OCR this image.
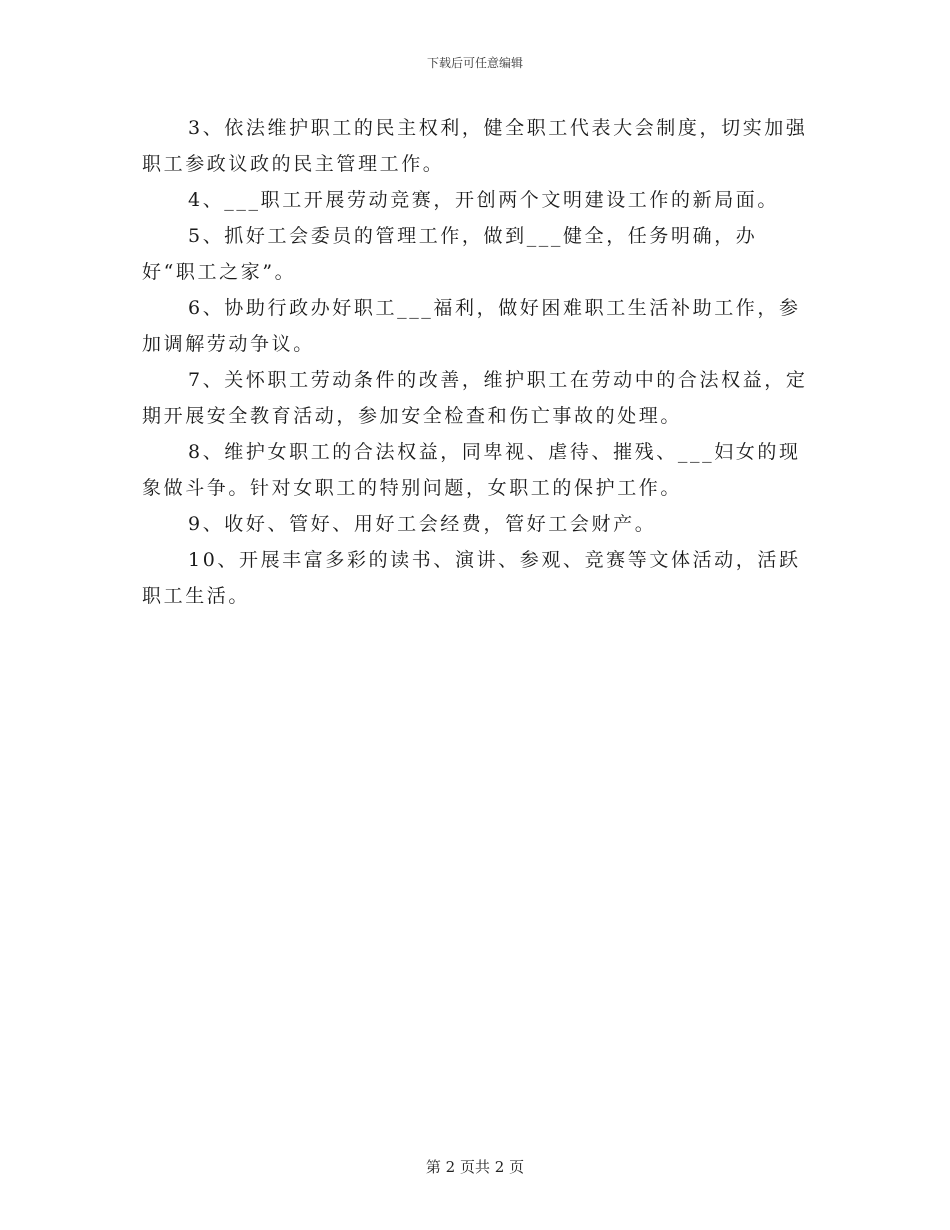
下载后可任意编辑

3、依法维护职工的民主权利，健全职工代表大会制度，切实加强职工参政议政的民主管理工作。

4、___职工开展劳动竞赛，开创两个文明建设工作的新局面。

5、抓好工会委员的管理工作，做到___健全，任务明确，办好“职工之家”。

6、协助行政办好职工___福利，做好困难职工生活补助工作，参加调解劳动争议。

7、关怀职工劳动条件的改善，维护职工在劳动中的合法权益，定期开展安全教育活动，参加安全检查和伤亡事故的处理。

8、维护女职工的合法权益，同卑视、虐待、摧残、___妇女的现象做斗争。针对女职工的特别问题，女职工的保护工作。

9、收好、管好、用好工会经费，管好工会财产。

10、开展丰富多彩的读书、演讲、参观、竞赛等文体活动，活跃职工生活。

第 2 页共 2 页
